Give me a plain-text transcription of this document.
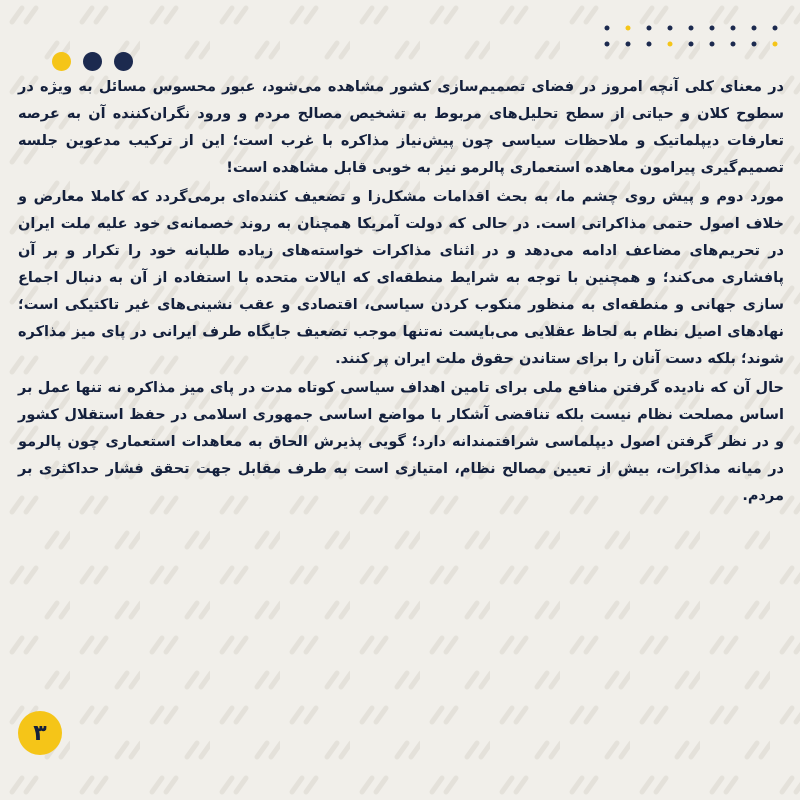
در معنای کلی آنچه امروز در فضای تصمیم‌سازی کشور مشاهده می‌شود، عبور محسوس مسائل به ویژه در سطوح کلان و حیاتی از سطح تحلیل‌های مربوط به تشخیص مصالح مردم و ورود نگران‌کننده آن به عرصه تعارفات دیپلماتیک و ملاحظات سیاسی چون پیش‌نیاز مذاکره با غرب است؛ این از ترکیب مدعوین جلسه تصمیم‌گیری پیرامون معاهده استعماری پالرمو نیز به خوبی قابل مشاهده است!

مورد دوم و پیش روی چشم ما، به بحث اقدامات مشکل‌زا و تضعیف کننده‌ای برمی‌گردد که کاملا معارض و خلاف اصول حتمی مذاکراتی است. در حالی که دولت آمریکا همچنان به روند خصمانه‌ی خود علیه ملت ایران در تحریم‌های مضاعف ادامه می‌دهد و در اثنای مذاکرات خواسته‌های زیاده طلبانه خود را تکرار و بر آن پافشاری می‌کند؛ و همچنین با توجه به شرایط منطقه‌ای که ایالات متحده با استفاده از آن به دنبال اجماع سازی جهانی و منطقه‌ای به منظور منکوب کردن سیاسی، اقتصادی و عقب نشینی‌های غیر تاکتیکی است؛ نهادهای اصیل نظام به لحاظ عقلایی می‌بایست نه‌تنها موجب تضعیف جایگاه طرف ایرانی در پای میز مذاکره شوند؛ بلکه دست آنان را برای ستاندن حقوق ملت ایران پر کنند.

حال آن که نادیده گرفتن منافع ملی برای تامین اهداف سیاسی کوتاه مدت در پای میز مذاکره نه تنها عمل بر اساس مصلحت نظام نیست بلکه تناقضی آشکار با مواضع اساسی جمهوری اسلامی در حفظ استقلال کشور و در نظر گرفتن اصول دیپلماسی شرافتمندانه دارد؛ گویی پذیرش الحاق به معاهدات استعماری چون پالرمو در میانه مذاکرات، بیش از تعیین مصالح نظام، امتیازی است به طرف مقابل جهت تحقق فشار حداکثری بر مردم.

۳
